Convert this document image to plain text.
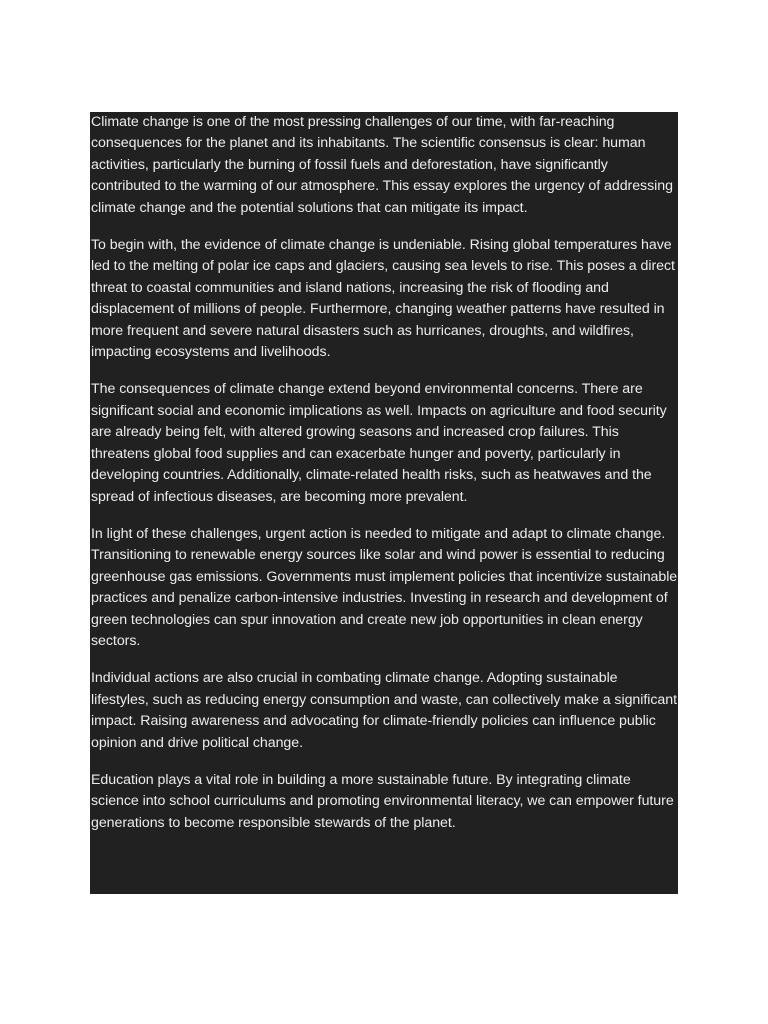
Climate change is one of the most pressing challenges of our time, with far-reaching consequences for the planet and its inhabitants. The scientific consensus is clear: human activities, particularly the burning of fossil fuels and deforestation, have significantly contributed to the warming of our atmosphere. This essay explores the urgency of addressing climate change and the potential solutions that can mitigate its impact.

To begin with, the evidence of climate change is undeniable. Rising global temperatures have led to the melting of polar ice caps and glaciers, causing sea levels to rise. This poses a direct threat to coastal communities and island nations, increasing the risk of flooding and displacement of millions of people. Furthermore, changing weather patterns have resulted in more frequent and severe natural disasters such as hurricanes, droughts, and wildfires, impacting ecosystems and livelihoods.

The consequences of climate change extend beyond environmental concerns. There are significant social and economic implications as well. Impacts on agriculture and food security are already being felt, with altered growing seasons and increased crop failures. This threatens global food supplies and can exacerbate hunger and poverty, particularly in developing countries. Additionally, climate-related health risks, such as heatwaves and the spread of infectious diseases, are becoming more prevalent.

In light of these challenges, urgent action is needed to mitigate and adapt to climate change. Transitioning to renewable energy sources like solar and wind power is essential to reducing greenhouse gas emissions. Governments must implement policies that incentivize sustainable practices and penalize carbon-intensive industries. Investing in research and development of green technologies can spur innovation and create new job opportunities in clean energy sectors.

Individual actions are also crucial in combating climate change. Adopting sustainable lifestyles, such as reducing energy consumption and waste, can collectively make a significant impact. Raising awareness and advocating for climate-friendly policies can influence public opinion and drive political change.

Education plays a vital role in building a more sustainable future. By integrating climate science into school curriculums and promoting environmental literacy, we can empower future generations to become responsible stewards of the planet.
